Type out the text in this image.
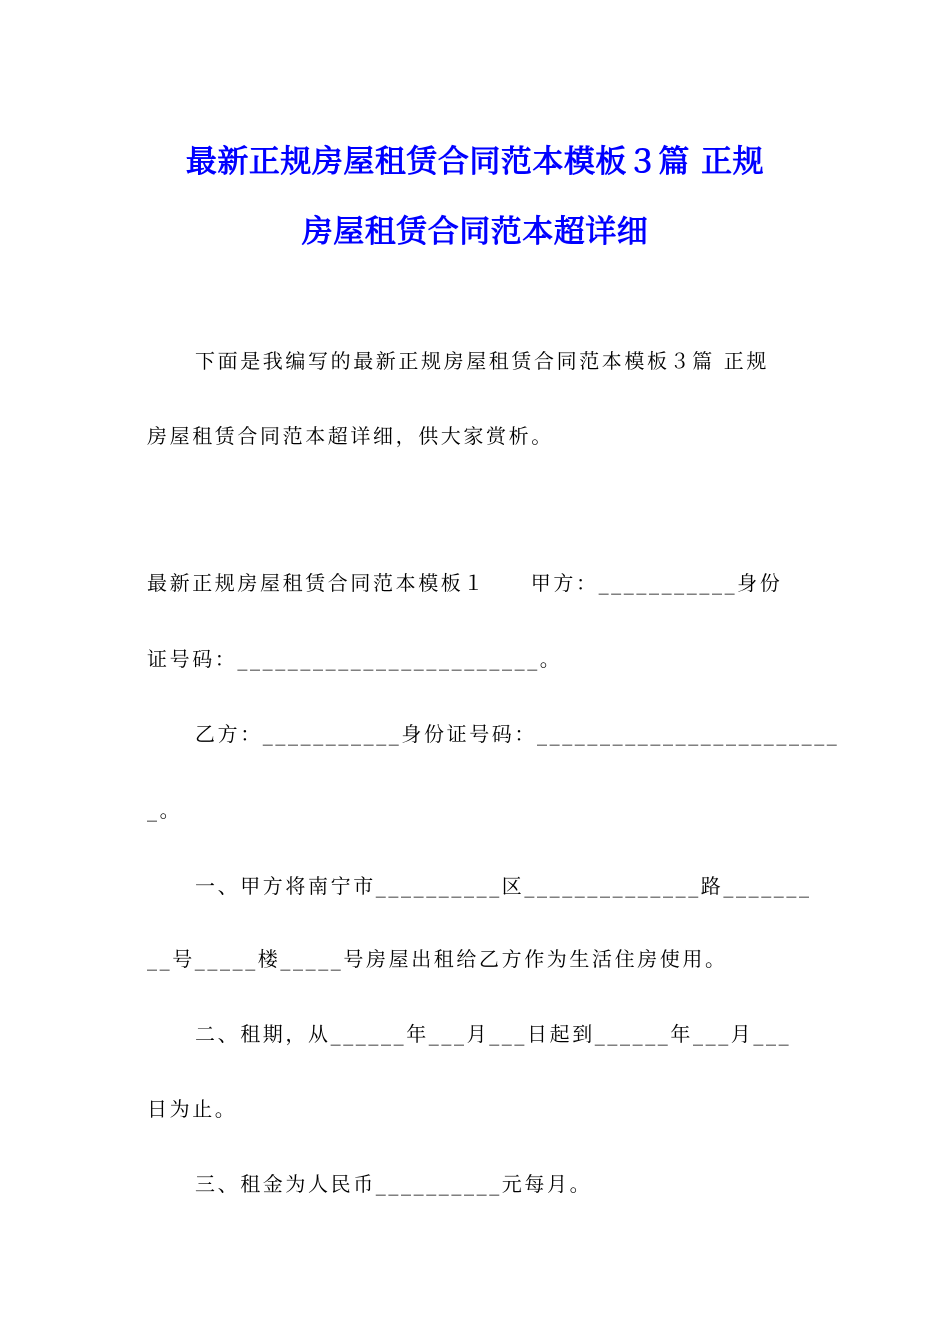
最新正规房屋租赁合同范本模板３篇 正规
房屋租赁合同范本超详细
下面是我编写的最新正规房屋租赁合同范本模板３篇 正规
房屋租赁合同范本超详细，供大家赏析。
最新正规房屋租赁合同范本模板１     甲方：___________身份
证号码：________________________。
乙方：___________身份证号码：________________________
_。
一、甲方将南宁市__________区______________路_______
__号_____楼_____号房屋出租给乙方作为生活住房使用。
二、租期，从______年___月___日起到______年___月___
日为止。
三、租金为人民币__________元每月。
